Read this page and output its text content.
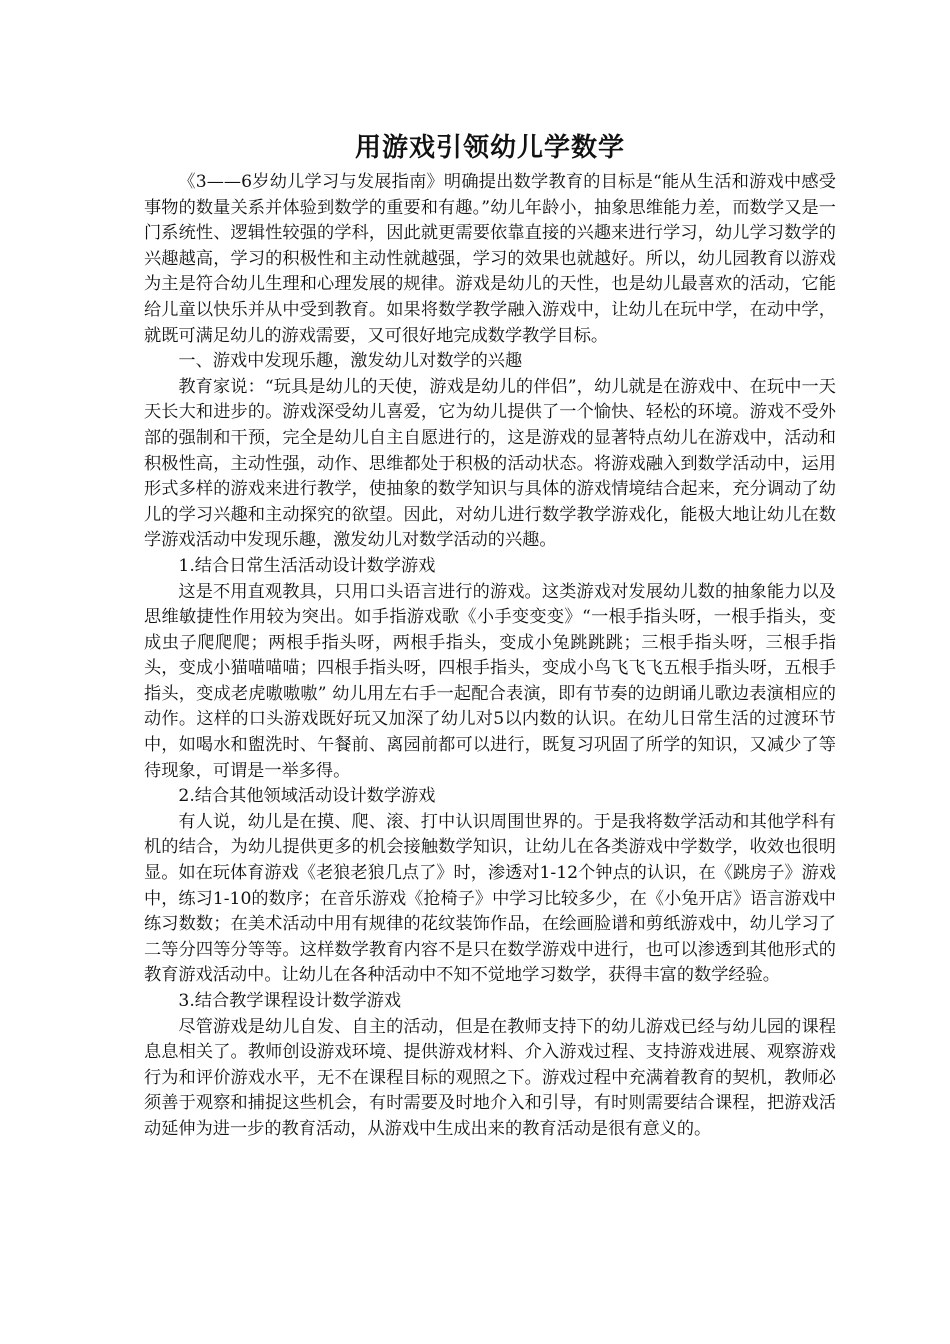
用游戏引领幼儿学数学

《3——6岁幼儿学习与发展指南》明确提出数学教育的目标是“能从生活和游戏中感受事物的数量关系并体验到数学的重要和有趣。”幼儿年龄小，抽象思维能力差，而数学又是一门系统性、逻辑性较强的学科，因此就更需要依靠直接的兴趣来进行学习，幼儿学习数学的兴趣越高，学习的积极性和主动性就越强，学习的效果也就越好。所以，幼儿园教育以游戏为主是符合幼儿生理和心理发展的规律。游戏是幼儿的天性，也是幼儿最喜欢的活动，它能给儿童以快乐并从中受到教育。如果将数学教学融入游戏中，让幼儿在玩中学，在动中学，就既可满足幼儿的游戏需要，又可很好地完成数学教学目标。

一、游戏中发现乐趣，激发幼儿对数学的兴趣

教育家说：“玩具是幼儿的天使，游戏是幼儿的伴侣”，幼儿就是在游戏中、在玩中一天天长大和进步的。游戏深受幼儿喜爱，它为幼儿提供了一个愉快、轻松的环境。游戏不受外部的强制和干预，完全是幼儿自主自愿进行的，这是游戏的显著特点幼儿在游戏中，活动和积极性高，主动性强，动作、思维都处于积极的活动状态。将游戏融入到数学活动中，运用形式多样的游戏来进行教学，使抽象的数学知识与具体的游戏情境结合起来，充分调动了幼儿的学习兴趣和主动探究的欲望。因此，对幼儿进行数学教学游戏化，能极大地让幼儿在数学游戏活动中发现乐趣，激发幼儿对数学活动的兴趣。

1.结合日常生活活动设计数学游戏

这是不用直观教具，只用口头语言进行的游戏。这类游戏对发展幼儿数的抽象能力以及思维敏捷性作用较为突出。如手指游戏歌《小手变变变》“一根手指头呀，一根手指头，变成虫子爬爬爬；两根手指头呀，两根手指头，变成小兔跳跳跳；三根手指头呀，三根手指头，变成小猫喵喵喵；四根手指头呀，四根手指头，变成小鸟飞飞飞五根手指头呀，五根手指头，变成老虎嗷嗷嗷” 幼儿用左右手一起配合表演，即有节奏的边朗诵儿歌边表演相应的动作。这样的口头游戏既好玩又加深了幼儿对5以内数的认识。在幼儿日常生活的过渡环节中，如喝水和盥洗时、午餐前、离园前都可以进行，既复习巩固了所学的知识，又减少了等待现象，可谓是一举多得。

2.结合其他领域活动设计数学游戏

有人说，幼儿是在摸、爬、滚、打中认识周围世界的。于是我将数学活动和其他学科有机的结合，为幼儿提供更多的机会接触数学知识，让幼儿在各类游戏中学数学，收效也很明显。如在玩体育游戏《老狼老狼几点了》时，渗透对1-12个钟点的认识，在《跳房子》游戏中，练习1-10的数序；在音乐游戏《抢椅子》中学习比较多少，在《小兔开店》语言游戏中练习数数；在美术活动中用有规律的花纹装饰作品，在绘画脸谱和剪纸游戏中，幼儿学习了二等分四等分等等。这样数学教育内容不是只在数学游戏中进行，也可以渗透到其他形式的教育游戏活动中。让幼儿在各种活动中不知不觉地学习数学，获得丰富的数学经验。

3.结合教学课程设计数学游戏

尽管游戏是幼儿自发、自主的活动，但是在教师支持下的幼儿游戏已经与幼儿园的课程息息相关了。教师创设游戏环境、提供游戏材料、介入游戏过程、支持游戏进展、观察游戏行为和评价游戏水平，无不在课程目标的观照之下。游戏过程中充满着教育的契机，教师必须善于观察和捕捉这些机会，有时需要及时地介入和引导，有时则需要结合课程，把游戏活动延伸为进一步的教育活动，从游戏中生成出来的教育活动是很有意义的。
